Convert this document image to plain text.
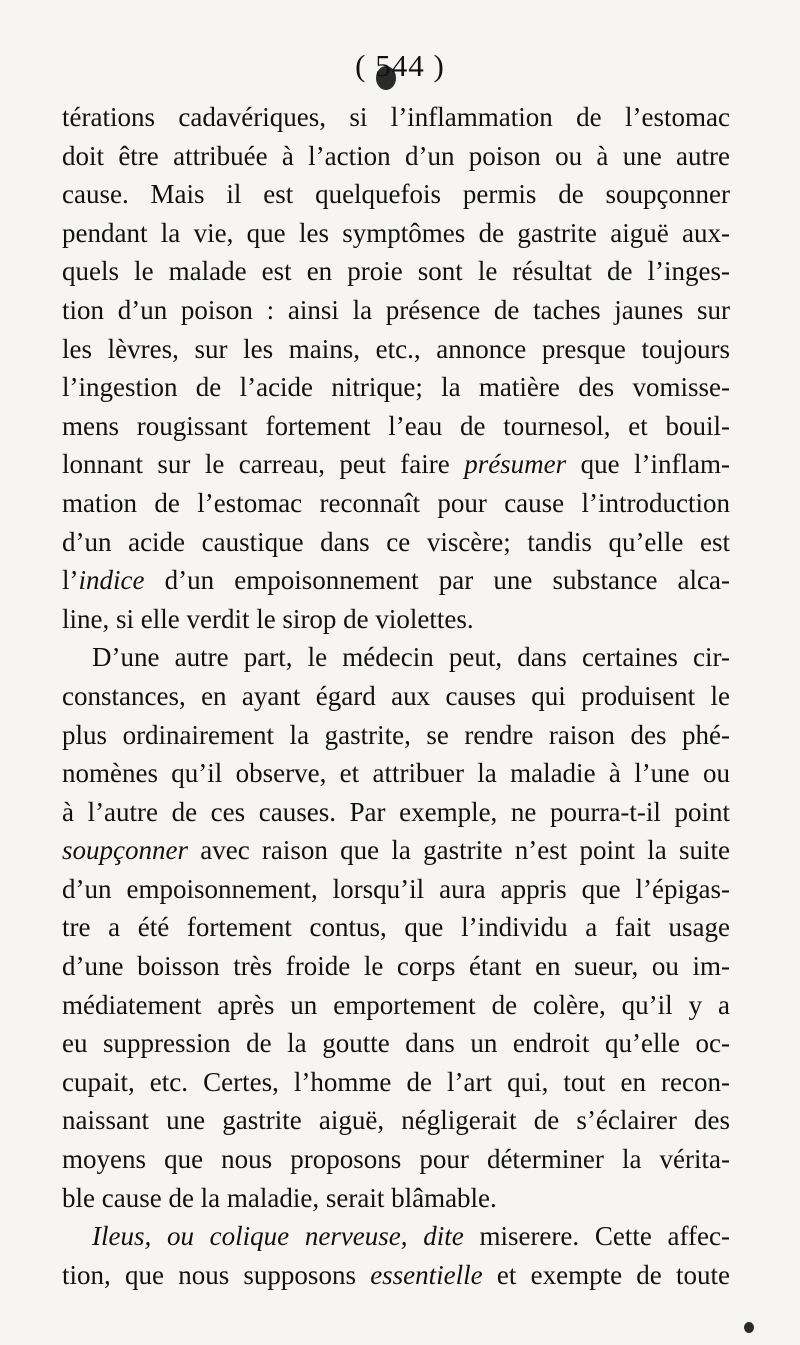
( 544 )
térations cadavériques, si l’inflammation de l’estomac
doit être attribuée à l’action d’un poison ou à une autre
cause. Mais il est quelquefois permis de soupçonner
pendant la vie, que les symptômes de gastrite aiguë aux-
quels le malade est en proie sont le résultat de l’inges-
tion d’un poison : ainsi la présence de taches jaunes sur
les lèvres, sur les mains, etc., annonce presque toujours
l’ingestion de l’acide nitrique; la matière des vomisse-
mens rougissant fortement l’eau de tournesol, et bouil-
lonnant sur le carreau, peut faire présumer que l’inflam-
mation de l’estomac reconnaît pour cause l’introduction
d’un acide caustique dans ce viscère; tandis qu’elle est
l’indice d’un empoisonnement par une substance alca-
line, si elle verdit le sirop de violettes.
D’une autre part, le médecin peut, dans certaines cir-
constances, en ayant égard aux causes qui produisent le
plus ordinairement la gastrite, se rendre raison des phé-
nomènes qu’il observe, et attribuer la maladie à l’une ou
à l’autre de ces causes. Par exemple, ne pourra-t-il point
soupçonner avec raison que la gastrite n’est point la suite
d’un empoisonnement, lorsqu’il aura appris que l’épigas-
tre a été fortement contus, que l’individu a fait usage
d’une boisson très froide le corps étant en sueur, ou im-
médiatement après un emportement de colère, qu’il y a
eu suppression de la goutte dans un endroit qu’elle oc-
cupait, etc. Certes, l’homme de l’art qui, tout en recon-
naissant une gastrite aiguë, négligerait de s’éclairer des
moyens que nous proposons pour déterminer la vérita-
ble cause de la maladie, serait blâmable.
Ileus, ou colique nerveuse, dite miserere. Cette affec-
tion, que nous supposons essentielle et exempte de toute
